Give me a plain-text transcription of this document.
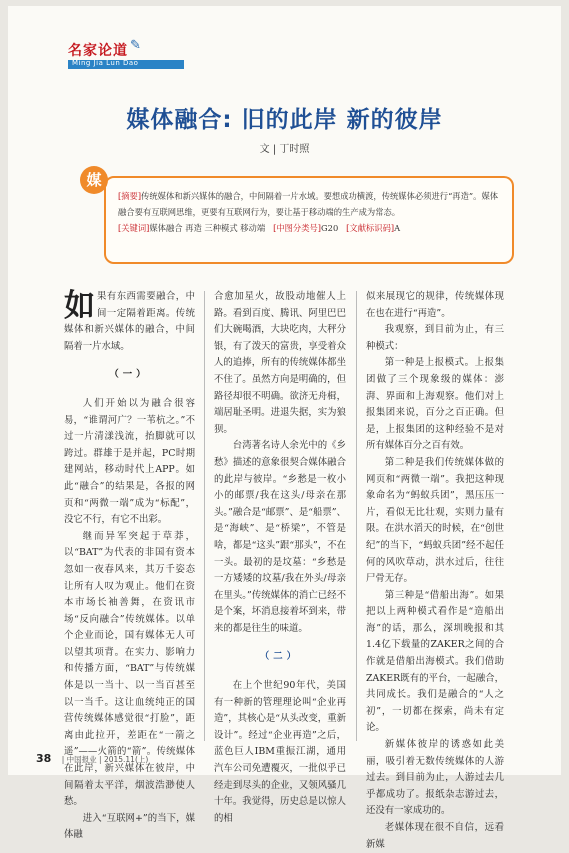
名家论道 ✎
Ming Jia Lun Dao
媒体融合: 旧的此岸 新的彼岸
文 | 丁时照
[摘要]传统媒体和新兴媒体的融合，中间隔着一片水域。要想成功横渡，传统媒体必须进行“再造”。媒体融合要有互联网思维，更要有互联网行为，要让基于移动端的生产成为常态。
[关键词]媒体融合 再造 三种模式 移动端 [中图分类号]G20 [文献标识码]A
媒

如果有东西需要融合，中间一定隔着距离。传统媒体和新兴媒体的融合，中间隔着一片水域。

（一）

人们开始以为融合很容易，“谁谓河广？一苇杭之。”不过一片清漾浅流，抬脚就可以跨过。群雄于是并起，PC时期建网站，移动时代上APP。如此“融合”的结果是，各报的网页和“两微一端”成为“标配”，没它不行，有它不出彩。

继而异军突起于草莽，以“BAT”为代表的非国有资本忽如一夜春风来，其万千姿态让所有人叹为观止。他们在资本市场长袖善舞，在资讯市场“反向融合”传统媒体。以单个企业而论，国有媒体无人可以望其项背。在实力、影响力和传播方面，“BAT”与传统媒体是以一当十、以一当百甚至以一当千。这让血统纯正的国营传统媒体感觉很“打脸”，距离由此拉开，差距在“一箭之遥”——火箭的“箭”。传统媒体在此岸，新兴媒体在彼岸，中间隔着太平洋，烟波浩渺使人愁。

进入“互联网+”的当下，媒体融

合愈加星火，故股动地催人上路。看到百度、腾讯、阿里巴巴们大碗喝酒，大块吃肉，大秤分银，有了泼天的富贵，享受着众人的追捧，所有的传统媒体都坐不住了。虽然方向是明确的，但路径却很不明确。欲济无舟楫，端居耻圣明。进退失据，实为狼狈。

台湾著名诗人余光中的《乡愁》描述的意象很契合媒体融合的此岸与彼岸。“乡愁是一枚小小的邮票/我在这头/母亲在那头。”融合是“邮票”、是“船票”、是“海峡”、是“桥梁”，不管是啥，都是“这头”跟“那头”，不在一头。最初的是坟墓：“乡愁是一方矮矮的坟墓/我在外头/母亲在里头。”传统媒体的消亡已经不是个案，坏消息接着坏到来，带来的都是往生的味道。

（二）

在上个世纪90年代，美国有一种新的管理理论叫“企业再造”，其核心是“从头改变，重新设计”。经过“企业再造”之后，蓝色巨人IBM重振江湖，通用汽车公司免遭覆灭，一批似乎已经走到尽头的企业，又领风骚几十年。我觉得，历史总是以惊人的相

似来展现它的规律，传统媒体现在也在进行“再造”。

我观察，到目前为止，有三种模式：

第一种是上报模式。上报集团做了三个现象级的媒体：澎湃、界面和上海观察。他们对上报集团来说，百分之百正确。但是，上报集团的这种经验不是对所有媒体百分之百有效。

第二种是我们传统媒体做的网页和“两微一端”。我把这种现象命名为“蚂蚁兵团”，黑压压一片，看似无比壮观，实则力量有限。在洪水滔天的时候，在“创世纪”的当下，“蚂蚁兵团”经不起任何的风吹草动，洪水过后，往往尸骨无存。

第三种是“借船出海”。如果把以上两种模式看作是“造船出海”的话，那么，深圳晚报和其1.4亿下载量的ZAKER之间的合作就是借船出海模式。我们借助ZAKER既有的平台，一起融合，共同成长。我们是融合的“人之初”，一切都在探索，尚未有定论。

新媒体彼岸的诱惑如此美丽，吸引着无数传统媒体的人游过去。到目前为止，人游过去几乎都成功了。报纸杂志游过去，还没有一家成功的。

老媒体现在很不自信，远看新媒

38 | 中国报业 | 2015.11(上)
